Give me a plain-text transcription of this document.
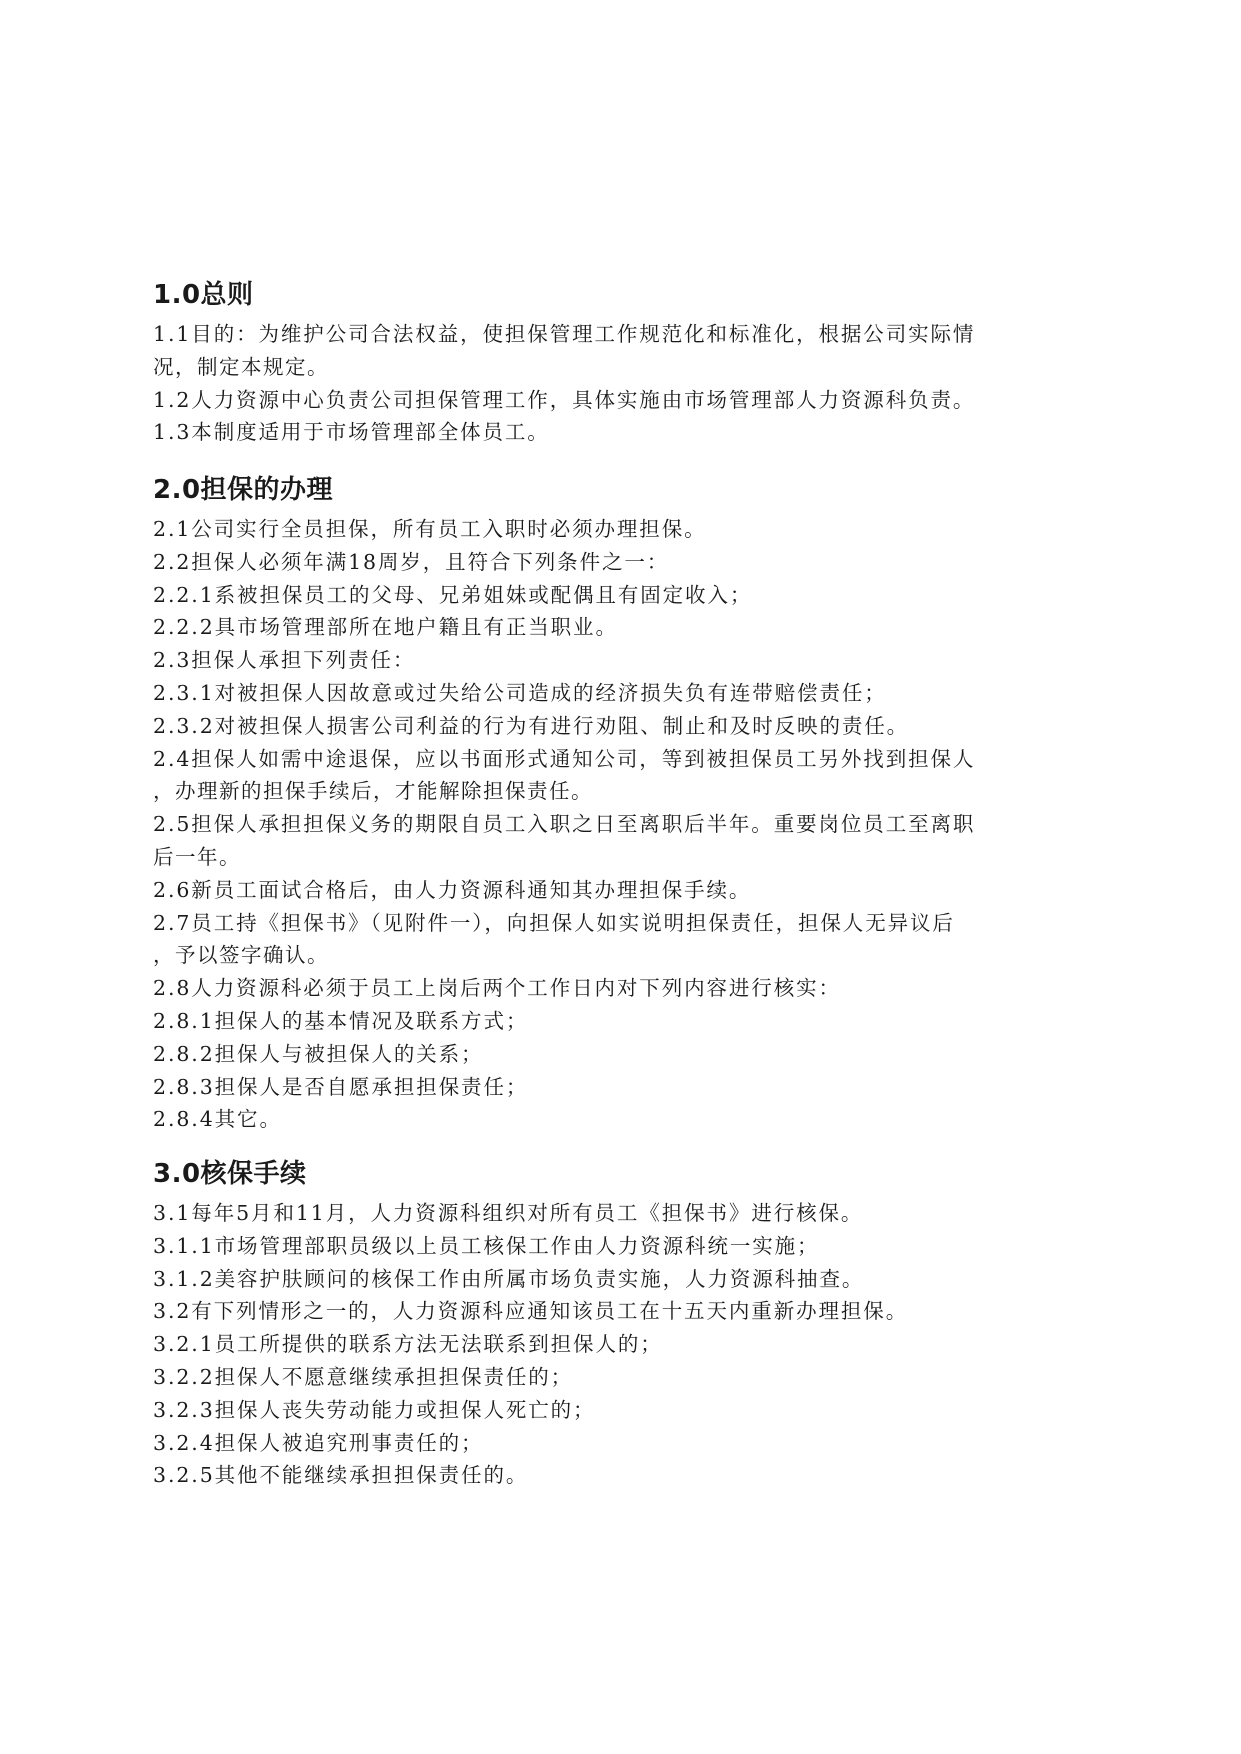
1.0总则

1.1目的：为维护公司合法权益，使担保管理工作规范化和标准化，根据公司实际情

况，制定本规定。

1.2人力资源中心负责公司担保管理工作，具体实施由市场管理部人力资源科负责。

1.3本制度适用于市场管理部全体员工。

2.0担保的办理

2.1公司实行全员担保，所有员工入职时必须办理担保。

2.2担保人必须年满18周岁，且符合下列条件之一：

2.2.1系被担保员工的父母、兄弟姐妹或配偶且有固定收入；

2.2.2具市场管理部所在地户籍且有正当职业。

2.3担保人承担下列责任：

2.3.1对被担保人因故意或过失给公司造成的经济损失负有连带赔偿责任；

2.3.2对被担保人损害公司利益的行为有进行劝阻、制止和及时反映的责任。

2.4担保人如需中途退保，应以书面形式通知公司，等到被担保员工另外找到担保人

，办理新的担保手续后，才能解除担保责任。

2.5担保人承担担保义务的期限自员工入职之日至离职后半年。重要岗位员工至离职

后一年。

2.6新员工面试合格后，由人力资源科通知其办理担保手续。

2.7员工持《担保书》（见附件一），向担保人如实说明担保责任，担保人无异议后

，予以签字确认。

2.8人力资源科必须于员工上岗后两个工作日内对下列内容进行核实：

2.8.1担保人的基本情况及联系方式；

2.8.2担保人与被担保人的关系；

2.8.3担保人是否自愿承担担保责任；

2.8.4其它。

3.0核保手续

3.1每年5月和11月，人力资源科组织对所有员工《担保书》进行核保。

3.1.1市场管理部职员级以上员工核保工作由人力资源科统一实施；

3.1.2美容护肤顾问的核保工作由所属市场负责实施，人力资源科抽查。

3.2有下列情形之一的，人力资源科应通知该员工在十五天内重新办理担保。

3.2.1员工所提供的联系方法无法联系到担保人的；

3.2.2担保人不愿意继续承担担保责任的；

3.2.3担保人丧失劳动能力或担保人死亡的；

3.2.4担保人被追究刑事责任的；

3.2.5其他不能继续承担担保责任的。
